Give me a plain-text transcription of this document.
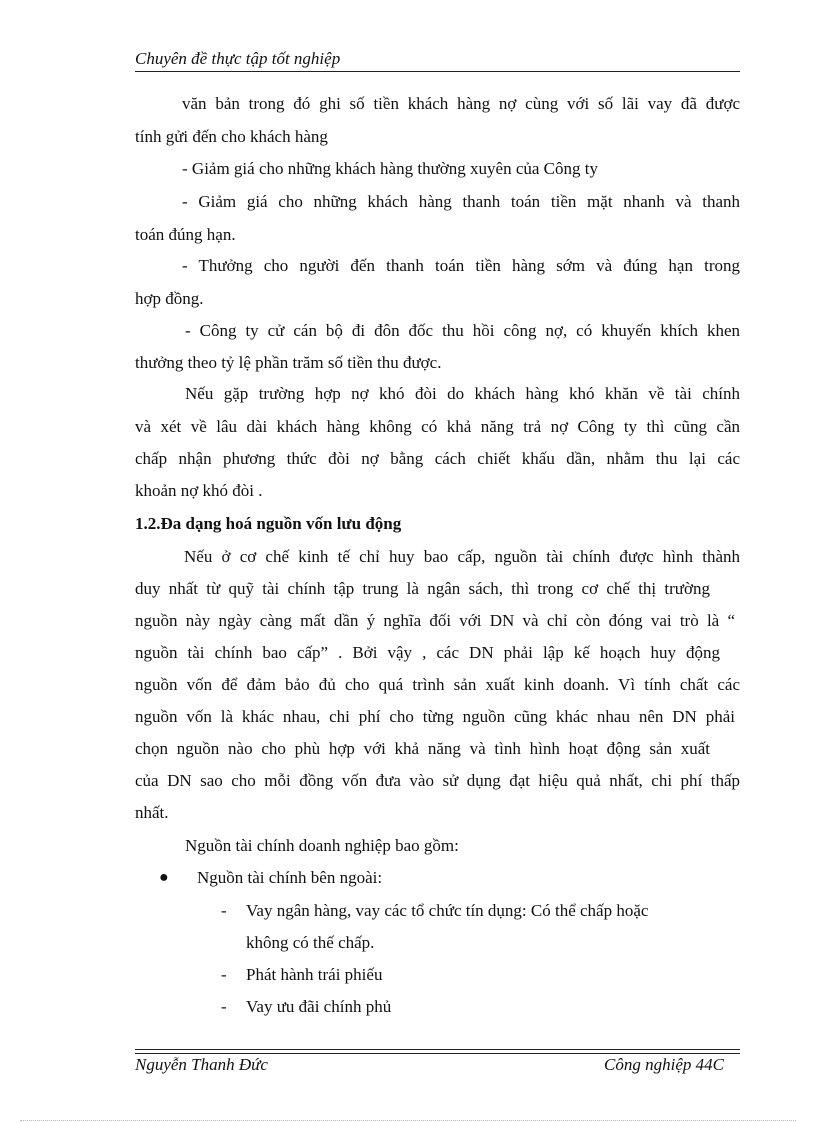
Chuyên đề thực tập tốt nghiệp
văn bản trong đó ghi số tiền khách hàng nợ cùng với số lãi vay đã được
tính gửi đến cho khách hàng
- Giảm giá cho những khách hàng thường xuyên của Công ty
- Giảm giá cho những khách hàng thanh toán tiền mặt nhanh và thanh
toán đúng hạn.
- Thưởng cho người đến thanh toán tiền hàng sớm và đúng hạn trong
hợp đồng.
- Công ty cử cán bộ đi đôn đốc thu hồi công nợ, có khuyến khích khen
thưởng theo tỷ lệ phần trăm số tiền thu được.
Nếu gặp trường hợp nợ khó đòi do khách hàng khó khăn về tài chính
và xét về lâu dài khách hàng không có khả năng trả nợ Công ty thì cũng cần
chấp nhận phương thức đòi nợ bằng cách chiết khấu dần, nhằm thu lại các
khoản nợ khó đòi .
1.2.Đa dạng hoá nguồn vốn lưu động
Nếu ở cơ chế kinh tế chỉ huy bao cấp, nguồn tài chính được hình thành
duy nhất từ quỹ tài chính tập trung là ngân sách, thì trong cơ chế thị trường
nguồn này ngày càng mất dần ý nghĩa đối với DN và chỉ còn đóng vai trò là “
nguồn tài chính bao cấp” . Bởi vậy , các DN phải lập kế hoạch huy động
nguồn vốn để đảm bảo đủ cho quá trình sản xuất kinh doanh. Vì tính chất các
nguồn vốn là khác nhau, chi phí cho từng nguồn cũng khác nhau nên DN phải
chọn nguồn nào cho phù hợp với khả năng và tình hình hoạt động sản xuất
của DN sao cho mỗi đồng vốn đưa vào sử dụng đạt hiệu quả nhất, chi phí thấp
nhất.
Nguồn tài chính doanh nghiệp bao gồm:
● Nguồn tài chính bên ngoài:
- Vay ngân hàng, vay các tổ chức tín dụng: Có thể chấp hoặc
không có thế chấp.
- Phát hành trái phiếu
- Vay ưu đãi chính phủ
Nguyễn Thanh Đức	Công nghiệp 44C
